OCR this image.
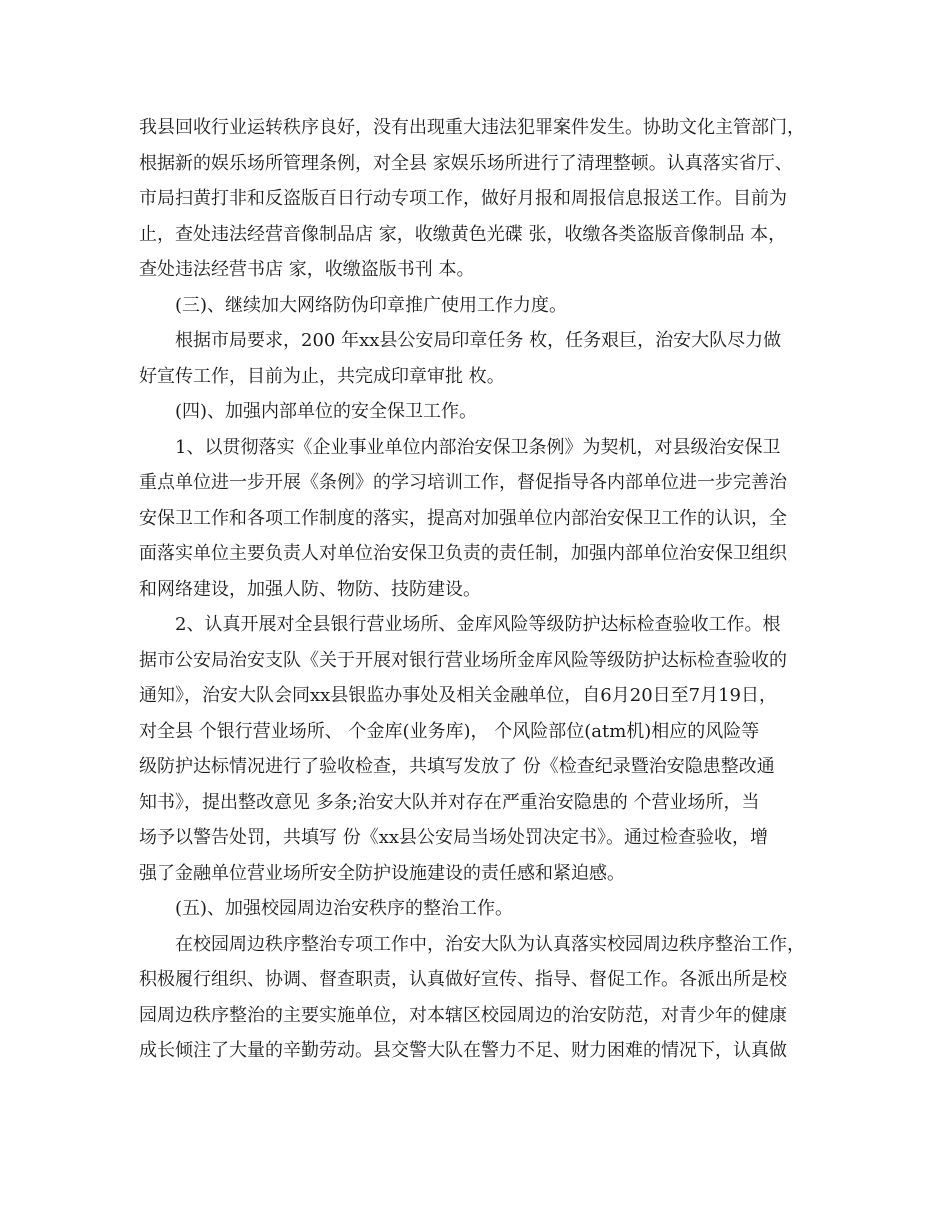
我县回收行业运转秩序良好，没有出现重大违法犯罪案件发生。协助文化主管部门，
根据新的娱乐场所管理条例，对全县 家娱乐场所进行了清理整顿。认真落实省厅、
市局扫黄打非和反盗版百日行动专项工作，做好月报和周报信息报送工作。目前为
止，查处违法经营音像制品店 家，收缴黄色光碟 张，收缴各类盗版音像制品 本，
查处违法经营书店 家，收缴盗版书刊 本。
(三)、继续加大网络防伪印章推广使用工作力度。
根据市局要求，200 年xx县公安局印章任务 枚，任务艰巨，治安大队尽力做
好宣传工作，目前为止，共完成印章审批 枚。
(四)、加强内部单位的安全保卫工作。
1、以贯彻落实《企业事业单位内部治安保卫条例》为契机，对县级治安保卫
重点单位进一步开展《条例》的学习培训工作，督促指导各内部单位进一步完善治
安保卫工作和各项工作制度的落实，提高对加强单位内部治安保卫工作的认识，全
面落实单位主要负责人对单位治安保卫负责的责任制，加强内部单位治安保卫组织
和网络建设，加强人防、物防、技防建设。
2、认真开展对全县银行营业场所、金库风险等级防护达标检查验收工作。根
据市公安局治安支队《关于开展对银行营业场所金库风险等级防护达标检查验收的
通知》，治安大队会同xx县银监办事处及相关金融单位，自6月20日至7月19日，
对全县 个银行营业场所、 个金库(业务库)， 个风险部位(atm机)相应的风险等
级防护达标情况进行了验收检查，共填写发放了 份《检查纪录暨治安隐患整改通
知书》，提出整改意见 多条;治安大队并对存在严重治安隐患的 个营业场所，当
场予以警告处罚，共填写 份《xx县公安局当场处罚决定书》。通过检查验收，增
强了金融单位营业场所安全防护设施建设的责任感和紧迫感。
(五)、加强校园周边治安秩序的整治工作。
在校园周边秩序整治专项工作中，治安大队为认真落实校园周边秩序整治工作，
积极履行组织、协调、督查职责，认真做好宣传、指导、督促工作。各派出所是校
园周边秩序整治的主要实施单位，对本辖区校园周边的治安防范，对青少年的健康
成长倾注了大量的辛勤劳动。县交警大队在警力不足、财力困难的情况下，认真做
